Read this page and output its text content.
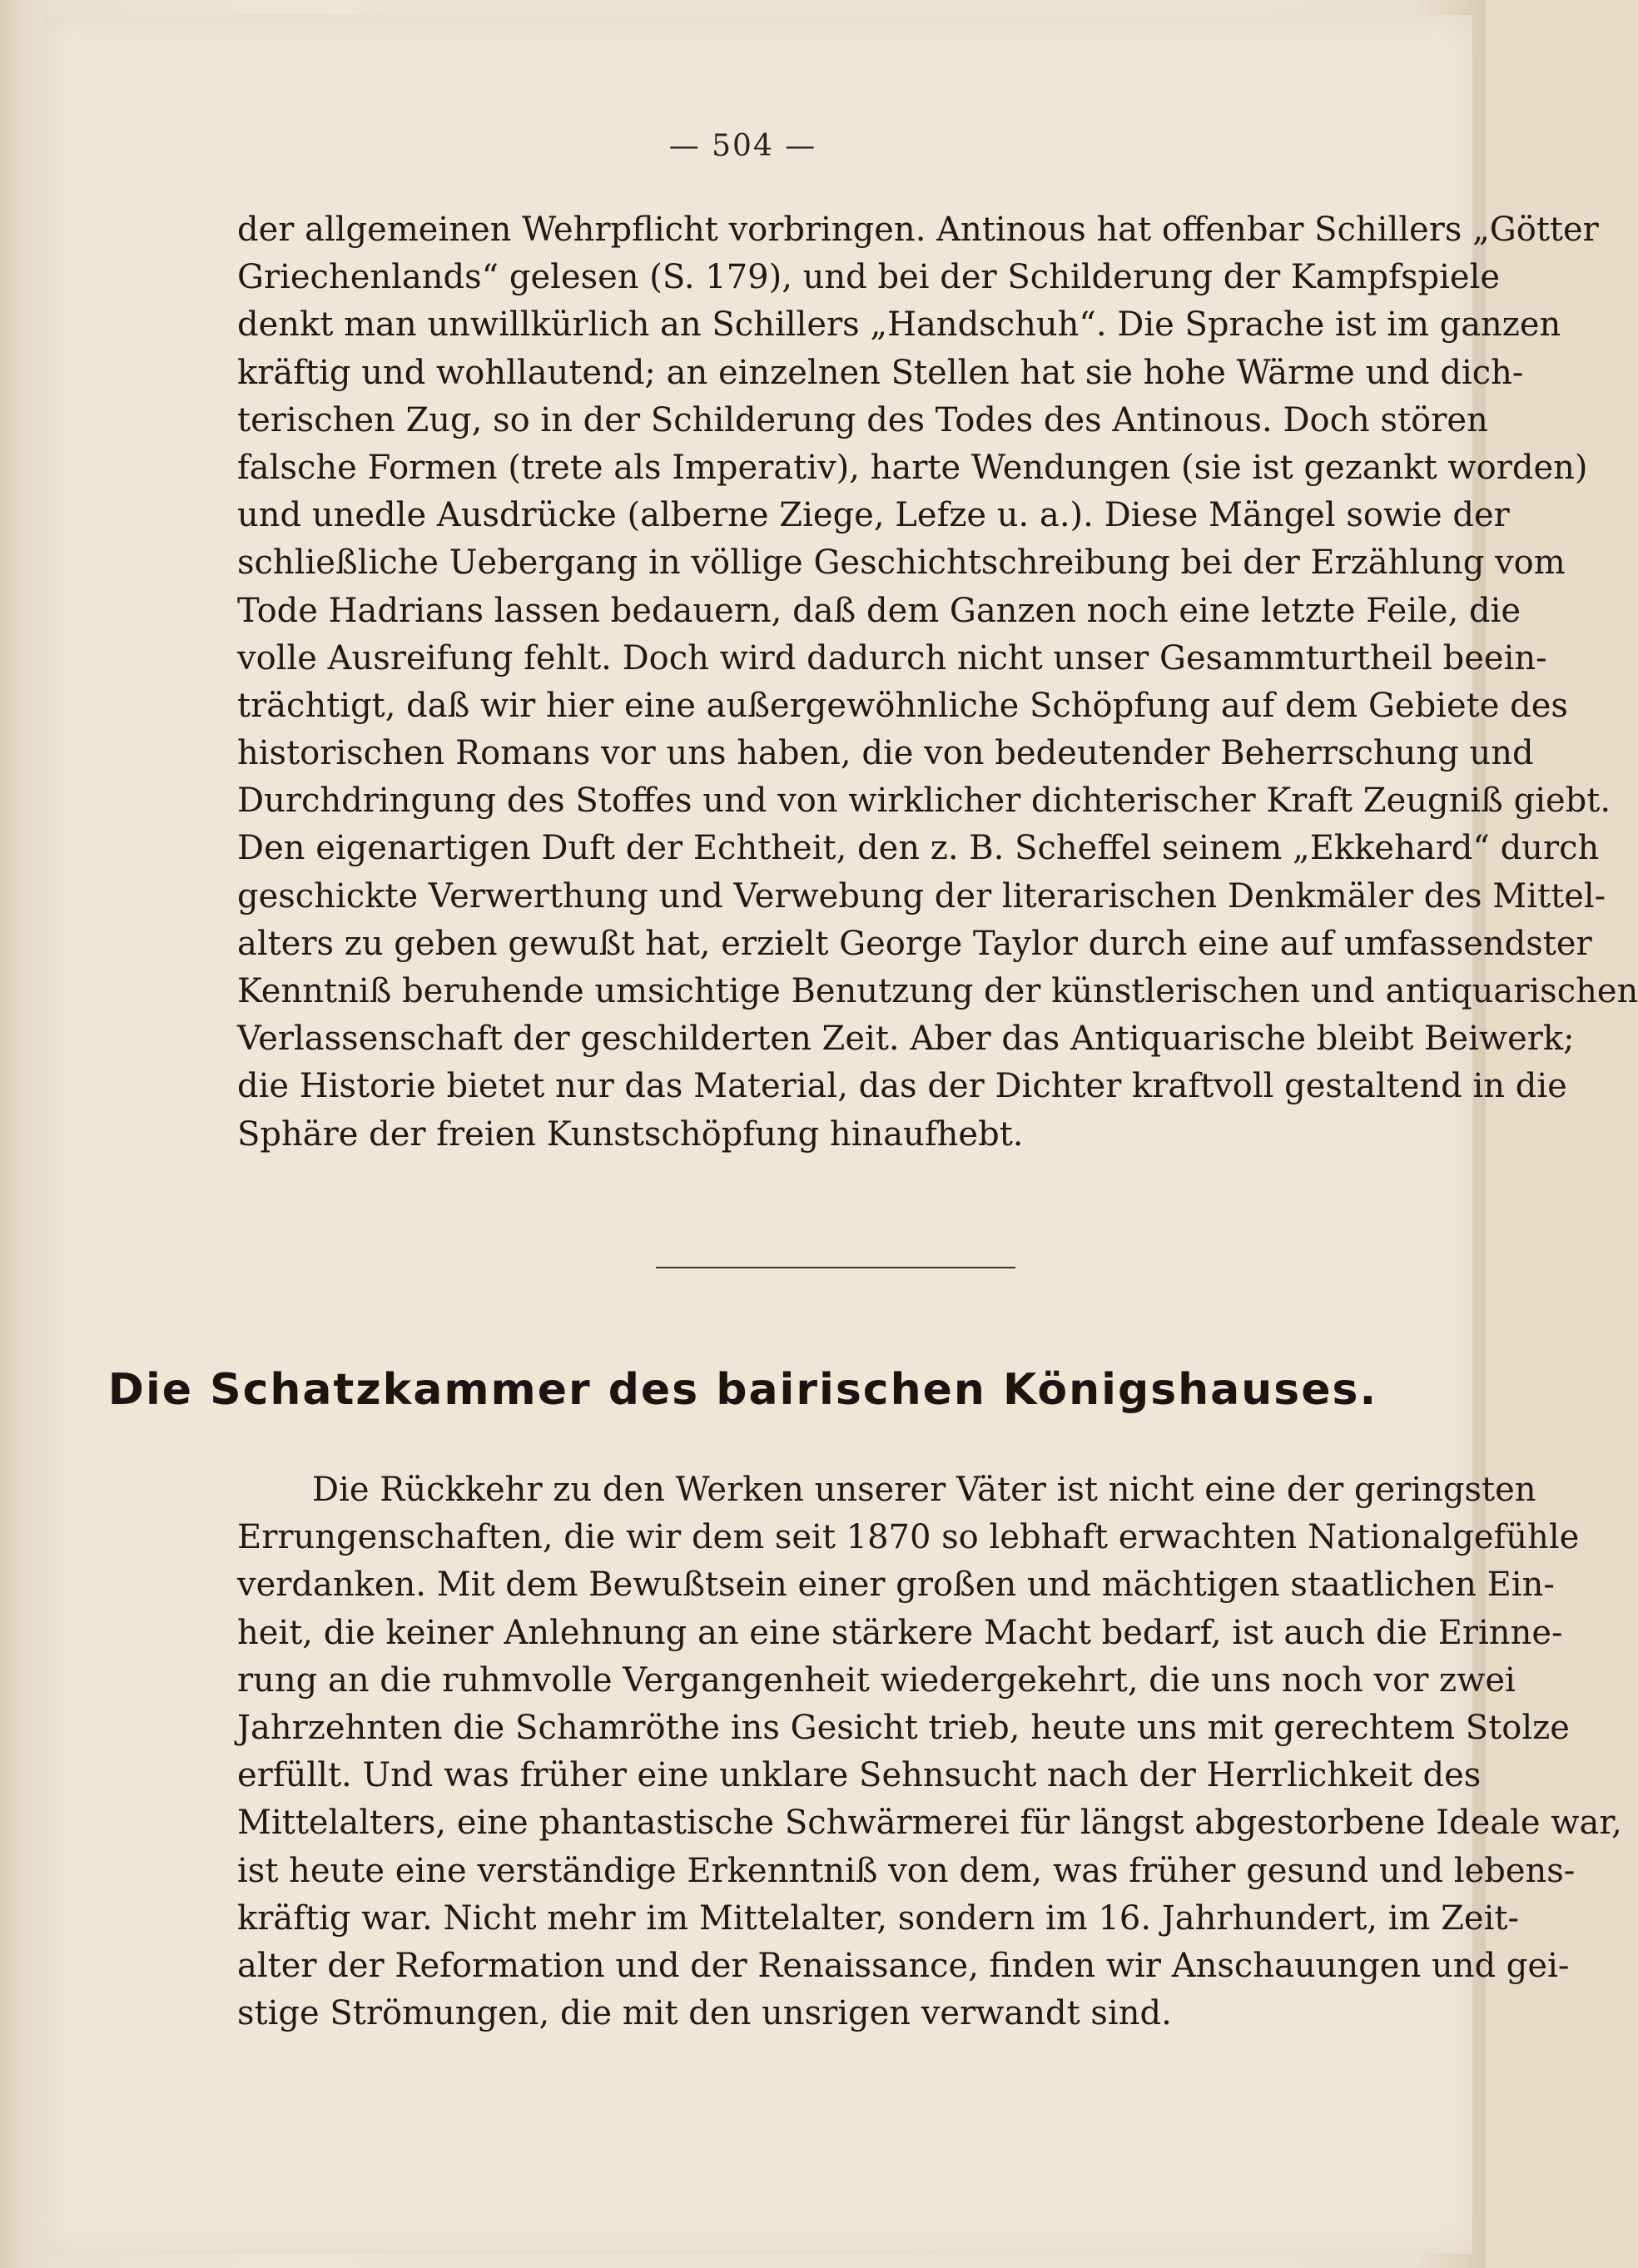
— 504 —
der allgemeinen Wehrpflicht vorbringen. Antinous hat offenbar Schillers „Götter
Griechenlands“ gelesen (S. 179), und bei der Schilderung der Kampfspiele
denkt man unwillkürlich an Schillers „Handschuh“. Die Sprache ist im ganzen
kräftig und wohllautend; an einzelnen Stellen hat sie hohe Wärme und dich-
terischen Zug, so in der Schilderung des Todes des Antinous. Doch stören
falsche Formen (trete als Imperativ), harte Wendungen (sie ist gezankt worden)
und unedle Ausdrücke (alberne Ziege, Lefze u. a.). Diese Mängel sowie der
schließliche Uebergang in völlige Geschichtschreibung bei der Erzählung vom
Tode Hadrians lassen bedauern, daß dem Ganzen noch eine letzte Feile, die
volle Ausreifung fehlt. Doch wird dadurch nicht unser Gesammturtheil beein-
trächtigt, daß wir hier eine außergewöhnliche Schöpfung auf dem Gebiete des
historischen Romans vor uns haben, die von bedeutender Beherrschung und
Durchdringung des Stoffes und von wirklicher dichterischer Kraft Zeugniß giebt.
Den eigenartigen Duft der Echtheit, den z. B. Scheffel seinem „Ekkehard“ durch
geschickte Verwerthung und Verwebung der literarischen Denkmäler des Mittel-
alters zu geben gewußt hat, erzielt George Taylor durch eine auf umfassendster
Kenntniß beruhende umsichtige Benutzung der künstlerischen und antiquarischen
Verlassenschaft der geschilderten Zeit. Aber das Antiquarische bleibt Beiwerk;
die Historie bietet nur das Material, das der Dichter kraftvoll gestaltend in die
Sphäre der freien Kunstschöpfung hinaufhebt.
Die Schatzkammer des bairischen Königshauses.
Die Rückkehr zu den Werken unserer Väter ist nicht eine der geringsten
Errungenschaften, die wir dem seit 1870 so lebhaft erwachten Nationalgefühle
verdanken. Mit dem Bewußtsein einer großen und mächtigen staatlichen Ein-
heit, die keiner Anlehnung an eine stärkere Macht bedarf, ist auch die Erinne-
rung an die ruhmvolle Vergangenheit wiedergekehrt, die uns noch vor zwei
Jahrzehnten die Schamröthe ins Gesicht trieb, heute uns mit gerechtem Stolze
erfüllt. Und was früher eine unklare Sehnsucht nach der Herrlichkeit des
Mittelalters, eine phantastische Schwärmerei für längst abgestorbene Ideale war,
ist heute eine verständige Erkenntniß von dem, was früher gesund und lebens-
kräftig war. Nicht mehr im Mittelalter, sondern im 16. Jahrhundert, im Zeit-
alter der Reformation und der Renaissance, finden wir Anschauungen und gei-
stige Strömungen, die mit den unsrigen verwandt sind.
